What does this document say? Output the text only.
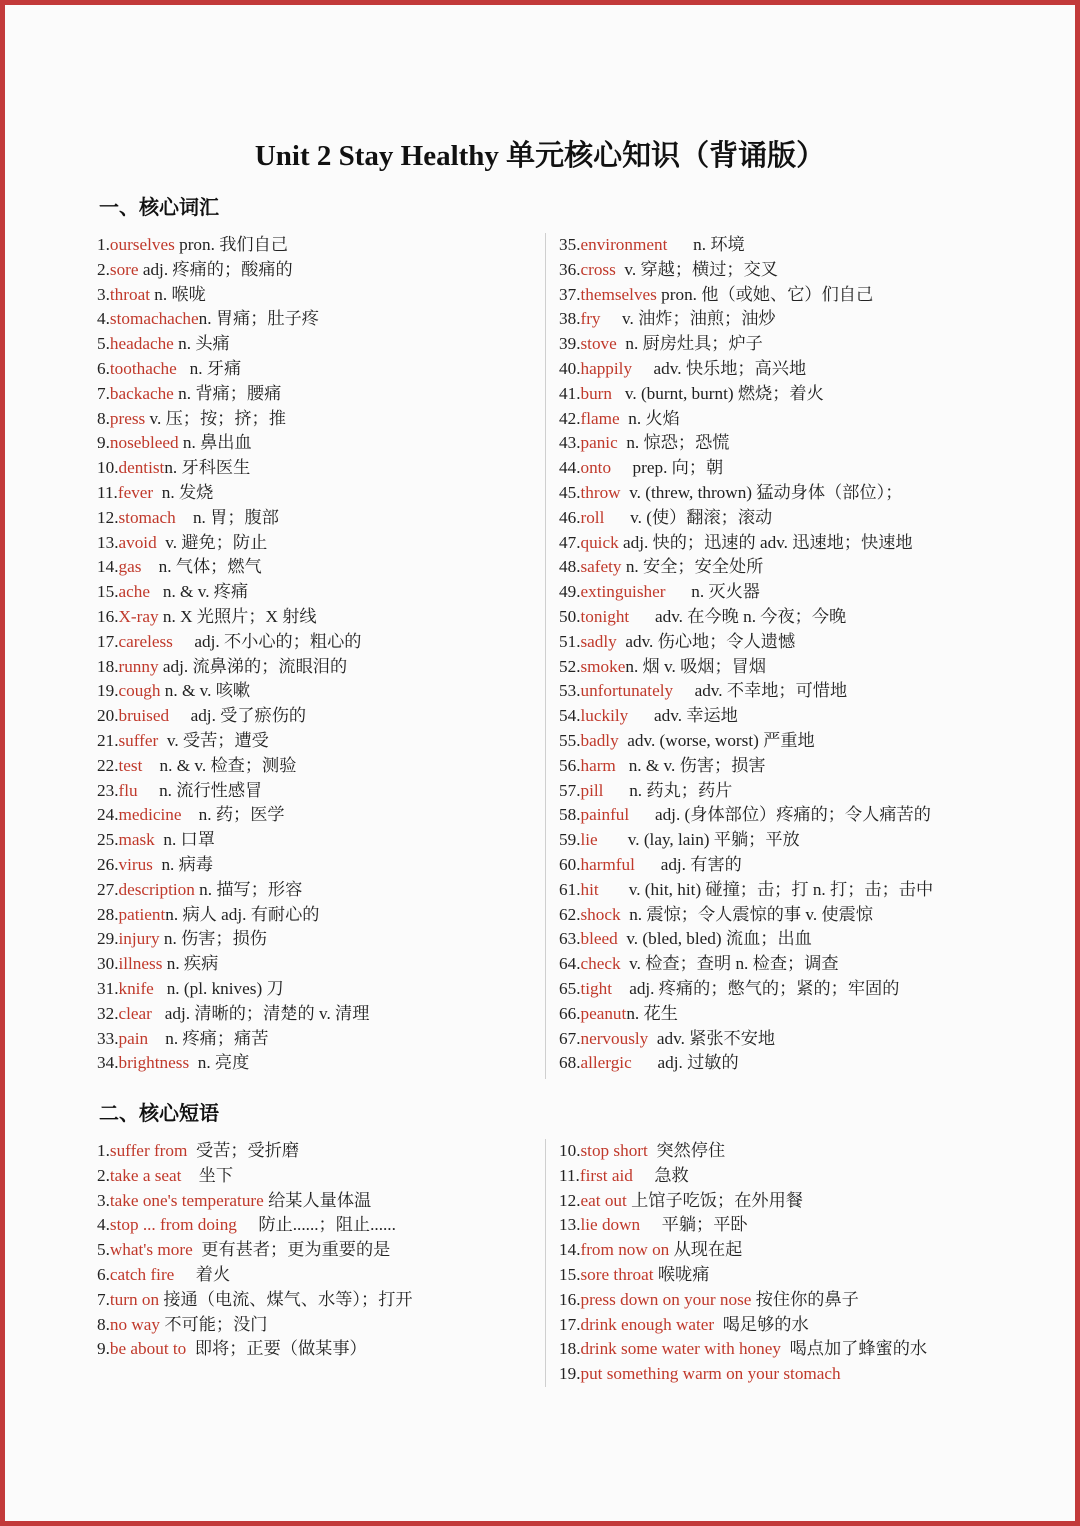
Unit 2 Stay Healthy 单元核心知识（背诵版）
一、核心词汇
1.ourselves pron. 我们自己
2.sore adj. 疼痛的；酸痛的
3.throat n. 喉咙
4.stomachachen. 胃痛；肚子疼
5.headache n. 头痛
6.toothache   n. 牙痛
7.backache n. 背痛；腰痛
8.press v. 压；按；挤；推
9.nosebleed n. 鼻出血
10.dentistn. 牙科医生
11.fever  n. 发烧
12.stomach    n. 胃；腹部
13.avoid  v. 避免；防止
14.gas    n. 气体；燃气
15.ache   n. & v. 疼痛
16.X-ray n. X 光照片；X 射线
17.careless     adj. 不小心的；粗心的
18.runny adj. 流鼻涕的；流眼泪的
19.cough n. & v. 咳嗽
20.bruised     adj. 受了瘀伤的
21.suffer  v. 受苦；遭受
22.test    n. & v. 检查；测验
23.flu     n. 流行性感冒
24.medicine    n. 药；医学
25.mask  n. 口罩
26.virus  n. 病毒
27.description n. 描写；形容
28.patientn. 病人 adj. 有耐心的
29.injury n. 伤害；损伤
30.illness n. 疾病
31.knife   n. (pl. knives) 刀
32.clear   adj. 清晰的；清楚的 v. 清理
33.pain    n. 疼痛；痛苦
34.brightness  n. 亮度
35.environment      n. 环境
36.cross  v. 穿越；横过；交叉
37.themselves pron. 他（或她、它）们自己
38.fry     v. 油炸；油煎；油炒
39.stove  n. 厨房灶具；炉子
40.happily     adv. 快乐地；高兴地
41.burn   v. (burnt, burnt) 燃烧；着火
42.flame  n. 火焰
43.panic  n. 惊恐；恐慌
44.onto     prep. 向；朝
45.throw  v. (threw, thrown) 猛动身体（部位）；
46.roll      v. (使）翻滚；滚动
47.quick adj. 快的；迅速的 adv. 迅速地；快速地
48.safety n. 安全；安全处所
49.extinguisher      n. 灭火器
50.tonight      adv. 在今晚 n. 今夜；今晚
51.sadly  adv. 伤心地；令人遗憾
52.smoken. 烟 v. 吸烟；冒烟
53.unfortunately     adv. 不幸地；可惜地
54.luckily      adv. 幸运地
55.badly  adv. (worse, worst) 严重地
56.harm   n. & v. 伤害；损害
57.pill      n. 药丸；药片
58.painful      adj. (身体部位）疼痛的；令人痛苦的
59.lie       v. (lay, lain) 平躺；平放
60.harmful      adj. 有害的
61.hit       v. (hit, hit) 碰撞；击；打 n. 打；击；击中
62.shock  n. 震惊；令人震惊的事 v. 使震惊
63.bleed  v. (bled, bled) 流血；出血
64.check  v. 检查；查明 n. 检查；调查
65.tight    adj. 疼痛的；憋气的；紧的；牢固的
66.peanutn. 花生
67.nervously  adv. 紧张不安地
68.allergic      adj. 过敏的
二、核心短语
1.suffer from  受苦；受折磨
2.take a seat    坐下
3.take one's temperature 给某人量体温
4.stop ... from doing     防止......；阻止......
5.what's more  更有甚者；更为重要的是
6.catch fire     着火
7.turn on 接通（电流、煤气、水等）；打开
8.no way 不可能；没门
9.be about to  即将；正要（做某事）
10.stop short  突然停住
11.first aid     急救
12.eat out 上馆子吃饭；在外用餐
13.lie down     平躺；平卧
14.from now on 从现在起
15.sore throat 喉咙痛
16.press down on your nose 按住你的鼻子
17.drink enough water  喝足够的水
18.drink some water with honey  喝点加了蜂蜜的水
19.put something warm on your stomach
